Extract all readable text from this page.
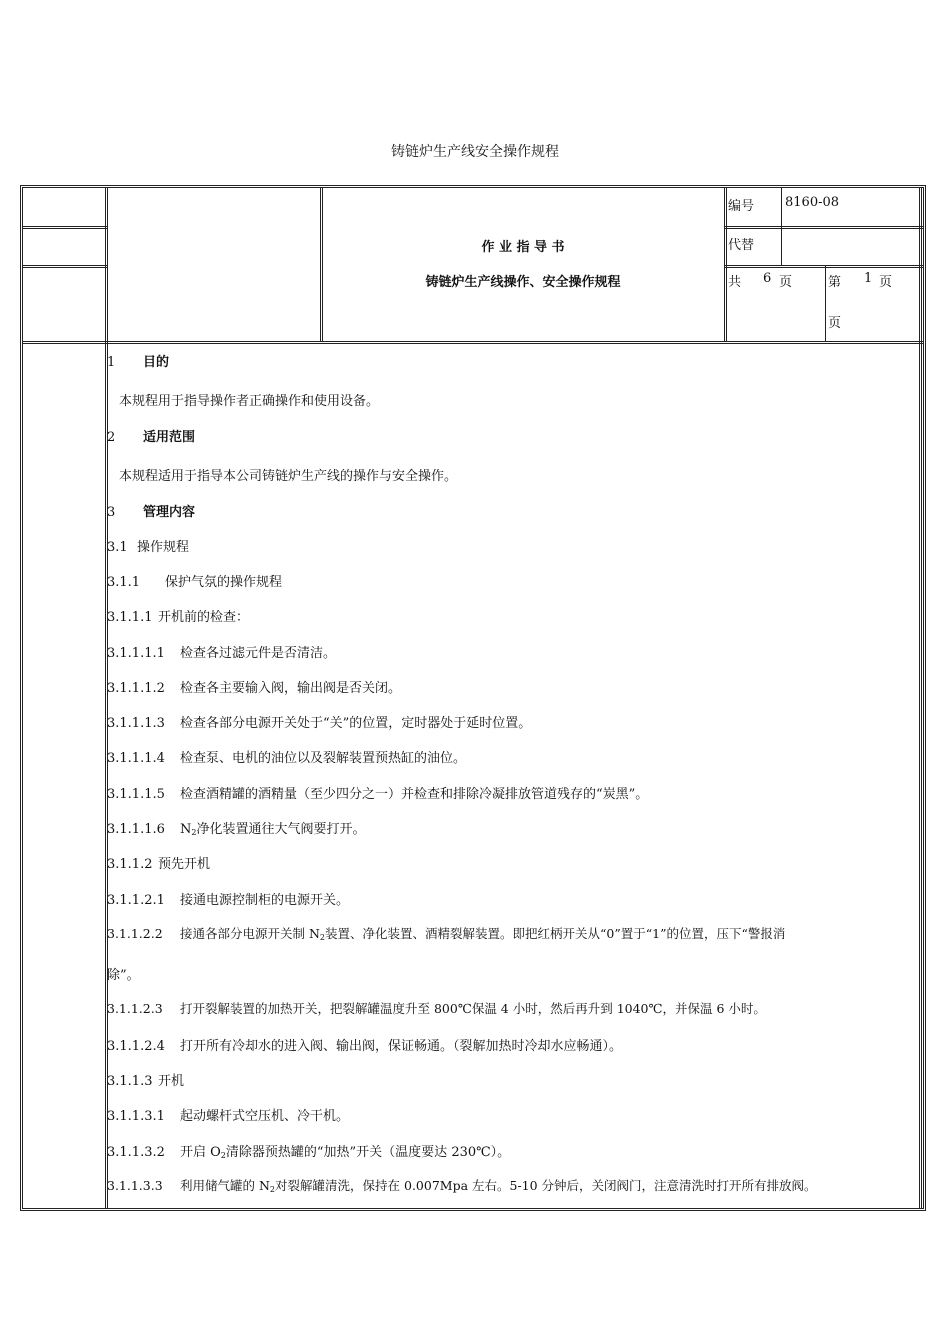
铸链炉生产线安全操作规程
作 业 指 导 书
铸链炉生产线操作、安全操作规程
编号 8160-08
代替
共 6 页	第 1 页
页
1 目的
本规程用于指导操作者正确操作和使用设备。
2 适用范围
本规程适用于指导本公司铸链炉生产线的操作与安全操作。
3 管理内容
3.1 操作规程
3.1.1 保护气氛的操作规程
3.1.1.1 开机前的检查：
3.1.1.1.1 检查各过滤元件是否清洁。
3.1.1.1.2 检查各主要输入阀，输出阀是否关闭。
3.1.1.1.3 检查各部分电源开关处于“关”的位置，定时器处于延时位置。
3.1.1.1.4 检查泵、电机的油位以及裂解装置预热缸的油位。
3.1.1.1.5 检查酒精罐的酒精量（至少四分之一）并检查和排除冷凝排放管道残存的“炭黑”。
3.1.1.1.6 $N_2$净化装置通往大气阀要打开。
3.1.1.2 预先开机
3.1.1.2.1 接通电源控制柜的电源开关。
3.1.1.2.2 接通各部分电源开关制 $N_2$装置、净化装置、酒精裂解装置。即把红柄开关从“0”置于“1”的位置，压下“警报消
除”。
3.1.1.2.3 打开裂解装置的加热开关，把裂解罐温度升至 800℃保温 4 小时，然后再升到 1040℃，并保温 6 小时。
3.1.1.2.4 打开所有冷却水的进入阀、输出阀，保证畅通。（裂解加热时冷却水应畅通）。
3.1.1.3 开机
3.1.1.3.1 起动螺杆式空压机、冷干机。
3.1.1.3.2 开启 $O_2$清除器预热罐的“加热”开关（温度要达 230℃）。
3.1.1.3.3 利用储气罐的 $N_2$对裂解罐清洗，保持在 0.007Mpa 左右。5-10 分钟后，关闭阀门，注意清洗时打开所有排放阀。
